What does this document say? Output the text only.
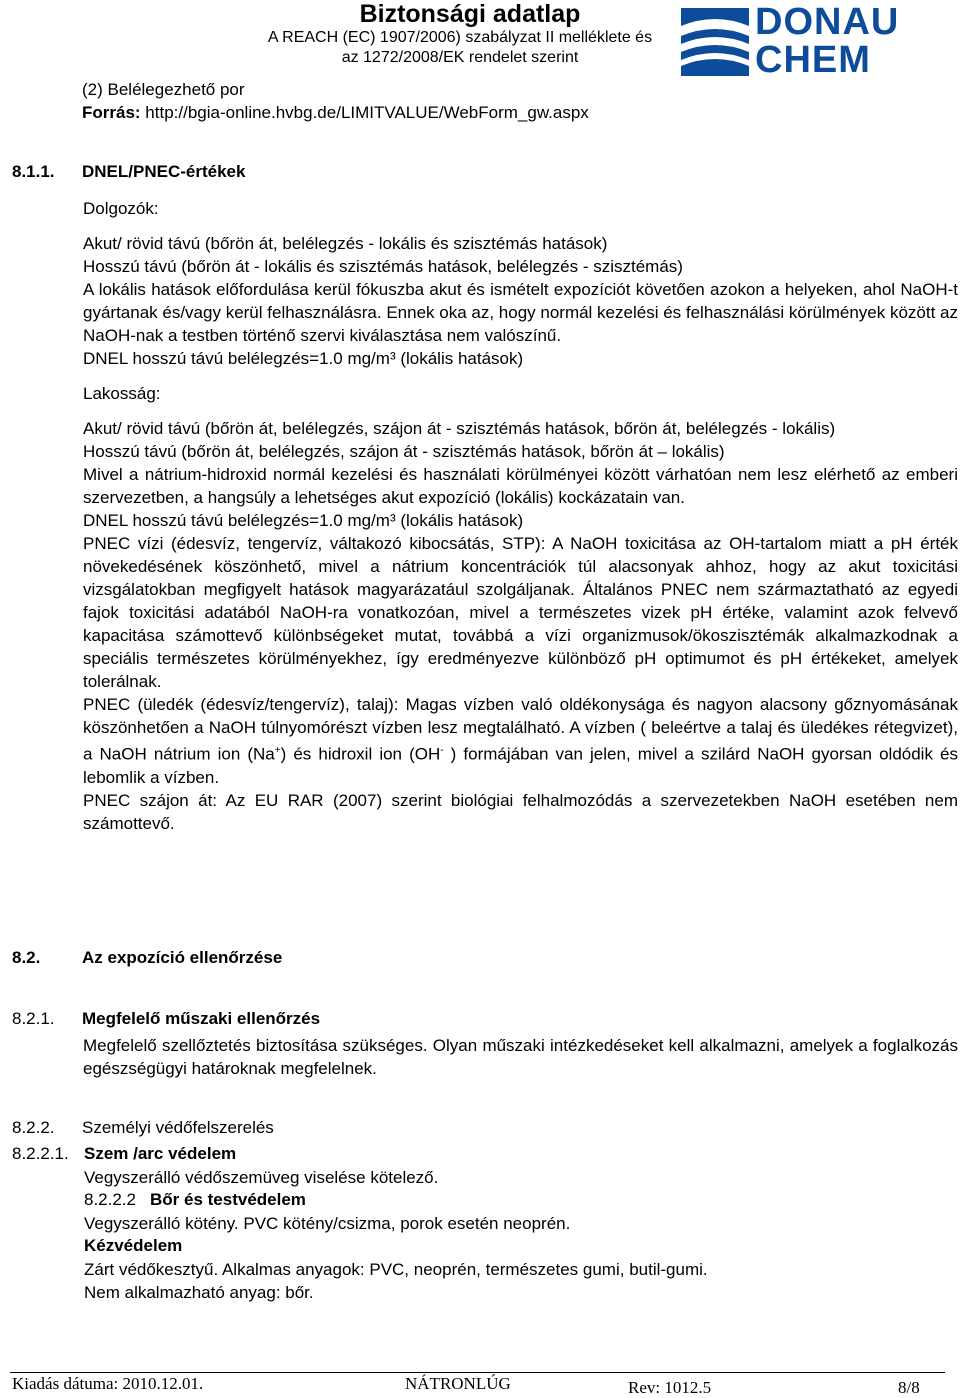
Biztonsági adatlap
A REACH (EC) 1907/2006) szabályzat II melléklete és
az 1272/2008/EK rendelet szerint
DONAU
CHEM
(2) Belélegezhető por
Forrás: http://bgia-online.hvbg.de/LIMITVALUE/WebForm_gw.aspx
8.1.1. DNEL/PNEC-értékek
Dolgozók:
Akut/ rövid távú (bőrön át, belélegzés - lokális és szisztémás hatások)
Hosszú távú (bőrön át - lokális és szisztémás hatások, belélegzés - szisztémás)
A lokális hatások előfordulása kerül fókuszba akut és ismételt expozíciót követően azokon a helyeken, ahol NaOH-t gyártanak és/vagy kerül felhasználásra. Ennek oka az, hogy normál kezelési és felhasználási körülmények között az NaOH-nak a testben történő szervi kiválasztása nem valószínű.
DNEL hosszú távú belélegzés=1.0 mg/m³ (lokális hatások)
Lakosság:
Akut/ rövid távú (bőrön át, belélegzés, szájon át - szisztémás hatások, bőrön át, belélegzés - lokális)
Hosszú távú (bőrön át, belélegzés, szájon át - szisztémás hatások, bőrön át – lokális)
Mivel a nátrium-hidroxid normál kezelési és használati körülményei között várhatóan nem lesz elérhető az emberi szervezetben, a hangsúly a lehetséges akut expozíció (lokális) kockázatain van.
DNEL hosszú távú belélegzés=1.0 mg/m³ (lokális hatások)
PNEC vízi (édesvíz, tengervíz, váltakozó kibocsátás, STP): A NaOH toxicitása az OH-tartalom miatt a pH érték növekedésének köszönhető, mivel a nátrium koncentrációk túl alacsonyak ahhoz, hogy az akut toxicitási vizsgálatokban megfigyelt hatások magyarázatául szolgáljanak. Általános PNEC nem származtatható az egyedi fajok toxicitási adatából NaOH-ra vonatkozóan, mivel a természetes vizek pH értéke, valamint azok felvevő kapacitása számottevő különbségeket mutat, továbbá a vízi organizmusok/ökoszisztémák alkalmazkodnak a speciális természetes körülményekhez, így eredményezve különböző pH optimumot és pH értékeket, amelyek tolerálnak.
PNEC (üledék (édesvíz/tengervíz), talaj): Magas vízben való oldékonysága és nagyon alacsony gőznyomásának köszönhetően a NaOH túlnyomórészt vízben lesz megtalálható. A vízben ( beleértve a talaj és üledékes rétegvizet), a NaOH nátrium ion (Na+) és hidroxil ion (OH- ) formájában van jelen, mivel a szilárd NaOH gyorsan oldódik és lebomlik a vízben.
PNEC szájon át: Az EU RAR (2007) szerint biológiai felhalmozódás a szervezetekben NaOH esetében nem számottevő.
8.2. Az expozíció ellenőrzése
8.2.1. Megfelelő műszaki ellenőrzés
Megfelelő szellőztetés biztosítása szükséges. Olyan műszaki intézkedéseket kell alkalmazni, amelyek a foglalkozás egészségügyi határoknak megfelelnek.
8.2.2. Személyi védőfelszerelés
8.2.2.1. Szem /arc védelem
Vegyszerálló védőszemüveg viselése kötelező.
8.2.2.2 Bőr és testvédelem
Vegyszerálló kötény. PVC kötény/csizma, porok esetén neoprén.
Kézvédelem
Zárt védőkesztyű. Alkalmas anyagok: PVC, neoprén, természetes gumi, butil-gumi.
Nem alkalmazható anyag: bőr.
Kiadás dátuma: 2010.12.01.	NÁTRONLÚG	Rev: 1012.5	8/8
